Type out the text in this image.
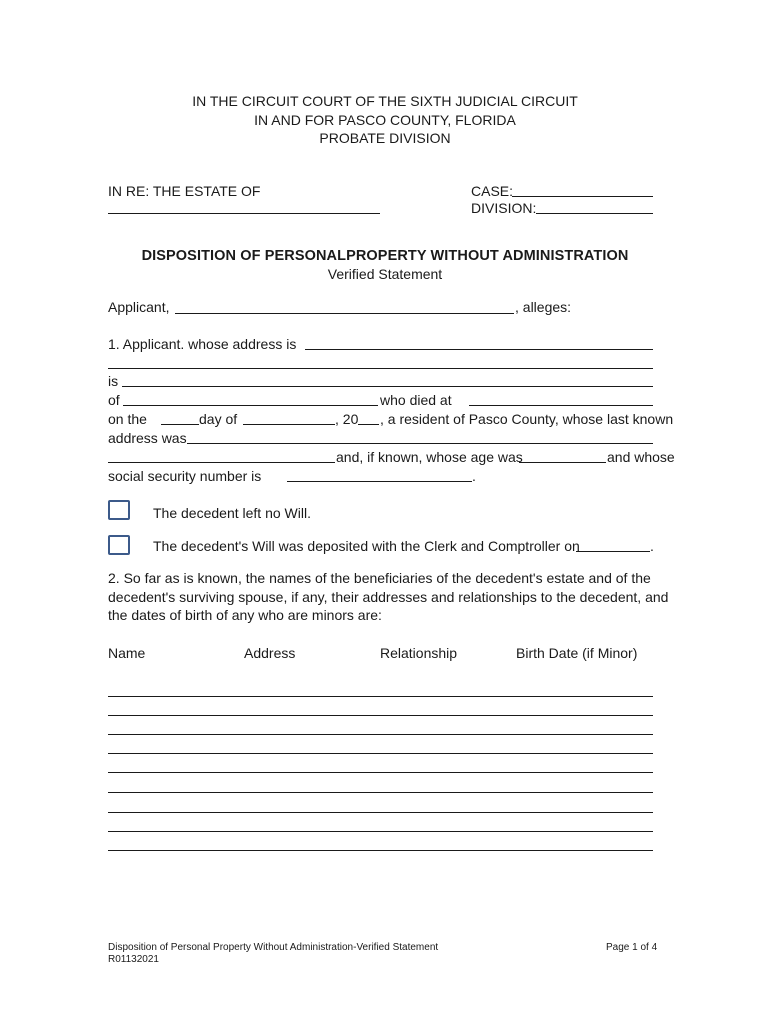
IN THE CIRCUIT COURT OF THE SIXTH JUDICIAL CIRCUIT
IN AND FOR PASCO COUNTY, FLORIDA
PROBATE DIVISION
IN RE: THE ESTATE OF	CASE:
DIVISION:
DISPOSITION OF PERSONALPROPERTY WITHOUT ADMINISTRATION
Verified Statement
Applicant,	, alleges:
1. Applicant. whose address is
is
of	who died at
on the	day of	, 20 , a resident of Pasco County, whose last known
address was
and, if known, whose age was	and whose
social security number is	.
The decedent left no Will.
The decedent's Will was deposited with the Clerk and Comptroller on	.
2. So far as is known, the names of the beneficiaries of the decedent's estate and of the
decedent's surviving spouse, if any, their addresses and relationships to the decedent, and
the dates of birth of any who are minors are:
Name	Address	Relationship	Birth Date (if Minor)
Disposition of Personal Property Without Administration-Verified Statement
R01132021
Page 1 of 4
